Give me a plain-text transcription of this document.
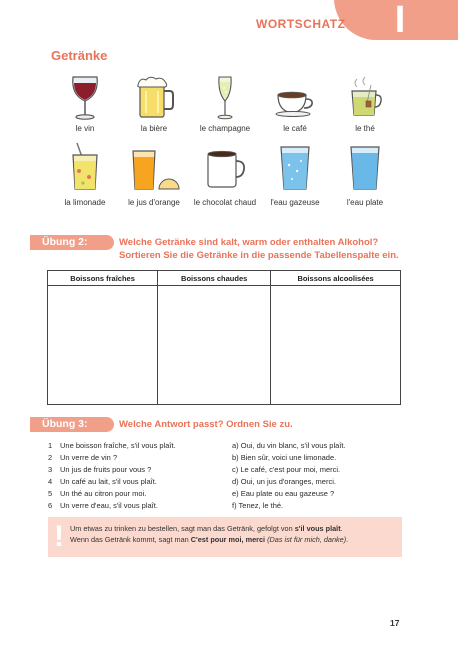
I
WORTSCHATZ
Getränke
le vin	la bière	le champagne	le café	le thé
la limonade	le jus d'orange	le chocolat chaud	l'eau gazeuse	l'eau plate
Übung 2:	Welche Getränke sind kalt, warm oder enthalten Alkohol? Sortieren Sie die Getränke in die passende Tabellenspalte ein.
Boissons fraîches	Boissons chaudes	Boissons alcoolisées

Übung 3:	Welche Antwort passt? Ordnen Sie zu.
1	Une boisson fraîche, s'il vous plaît.
2	Un verre de vin ?
3	Un jus de fruits pour vous ?
4	Un café au lait, s'il vous plaît.
5	Un thé au citron pour moi.
6	Un verre d'eau, s'il vous plaît.
a) Oui, du vin blanc, s'il vous plaît.
b) Bien sûr, voici une limonade.
c) Le café, c'est pour moi, merci.
d) Oui, un jus d'oranges, merci.
e) Eau plate ou eau gazeuse ?
f) Tenez, le thé.
! Um etwas zu trinken zu bestellen, sagt man das Getränk, gefolgt von s'il vous plaît.
Wenn das Getränk kommt, sagt man C'est pour moi, merci (Das ist für mich, danke).
17
